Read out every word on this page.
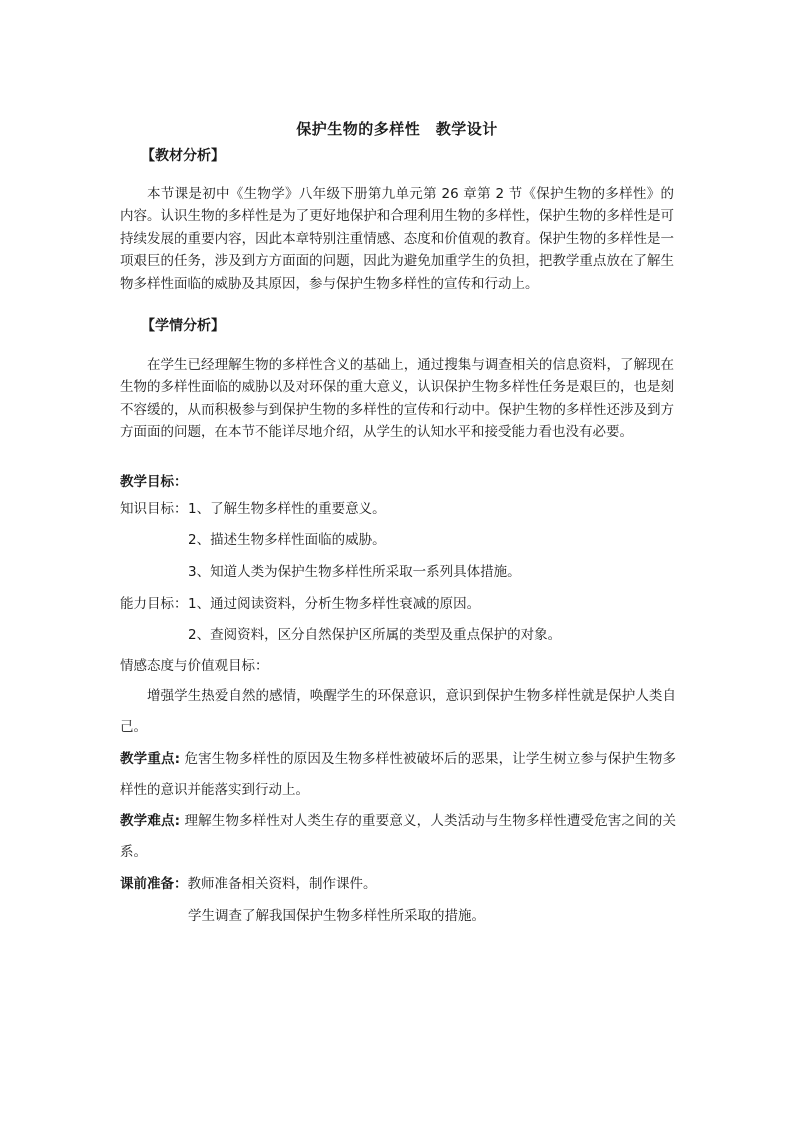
保护生物的多样性　教学设计
【教材分析】

本节课是初中《生物学》八年级下册第九单元第 26 章第 2 节《保护生物的多样性》的内容。认识生物的多样性是为了更好地保护和合理利用生物的多样性，保护生物的多样性是可持续发展的重要内容，因此本章特别注重情感、态度和价值观的教育。保护生物的多样性是一项艰巨的任务，涉及到方方面面的问题，因此为避免加重学生的负担，把教学重点放在了解生物多样性面临的威胁及其原因，参与保护生物多样性的宣传和行动上。

【学情分析】

在学生已经理解生物的多样性含义的基础上，通过搜集与调查相关的信息资料，了解现在生物的多样性面临的威胁以及对环保的重大意义，认识保护生物多样性任务是艰巨的，也是刻不容缓的，从而积极参与到保护生物的多样性的宣传和行动中。保护生物的多样性还涉及到方方面面的问题，在本节不能详尽地介绍，从学生的认知水平和接受能力看也没有必要。

教学目标：
知识目标： 1、了解生物多样性的重要意义。
2、描述生物多样性面临的威胁。
3、知道人类为保护生物多样性所采取一系列具体措施。
能力目标： 1、通过阅读资料，分析生物多样性衰减的原因。
2、查阅资料，区分自然保护区所属的类型及重点保护的对象。
情感态度与价值观目标：

增强学生热爱自然的感情，唤醒学生的环保意识，意识到保护生物多样性就是保护人类自己。

教学重点: 危害生物多样性的原因及生物多样性被破坏后的恶果，让学生树立参与保护生物多样性的意识并能落实到行动上。

教学难点: 理解生物多样性对人类生存的重要意义，人类活动与生物多样性遭受危害之间的关系。

课前准备：教师准备相关资料，制作课件。
学生调查了解我国保护生物多样性所采取的措施。
